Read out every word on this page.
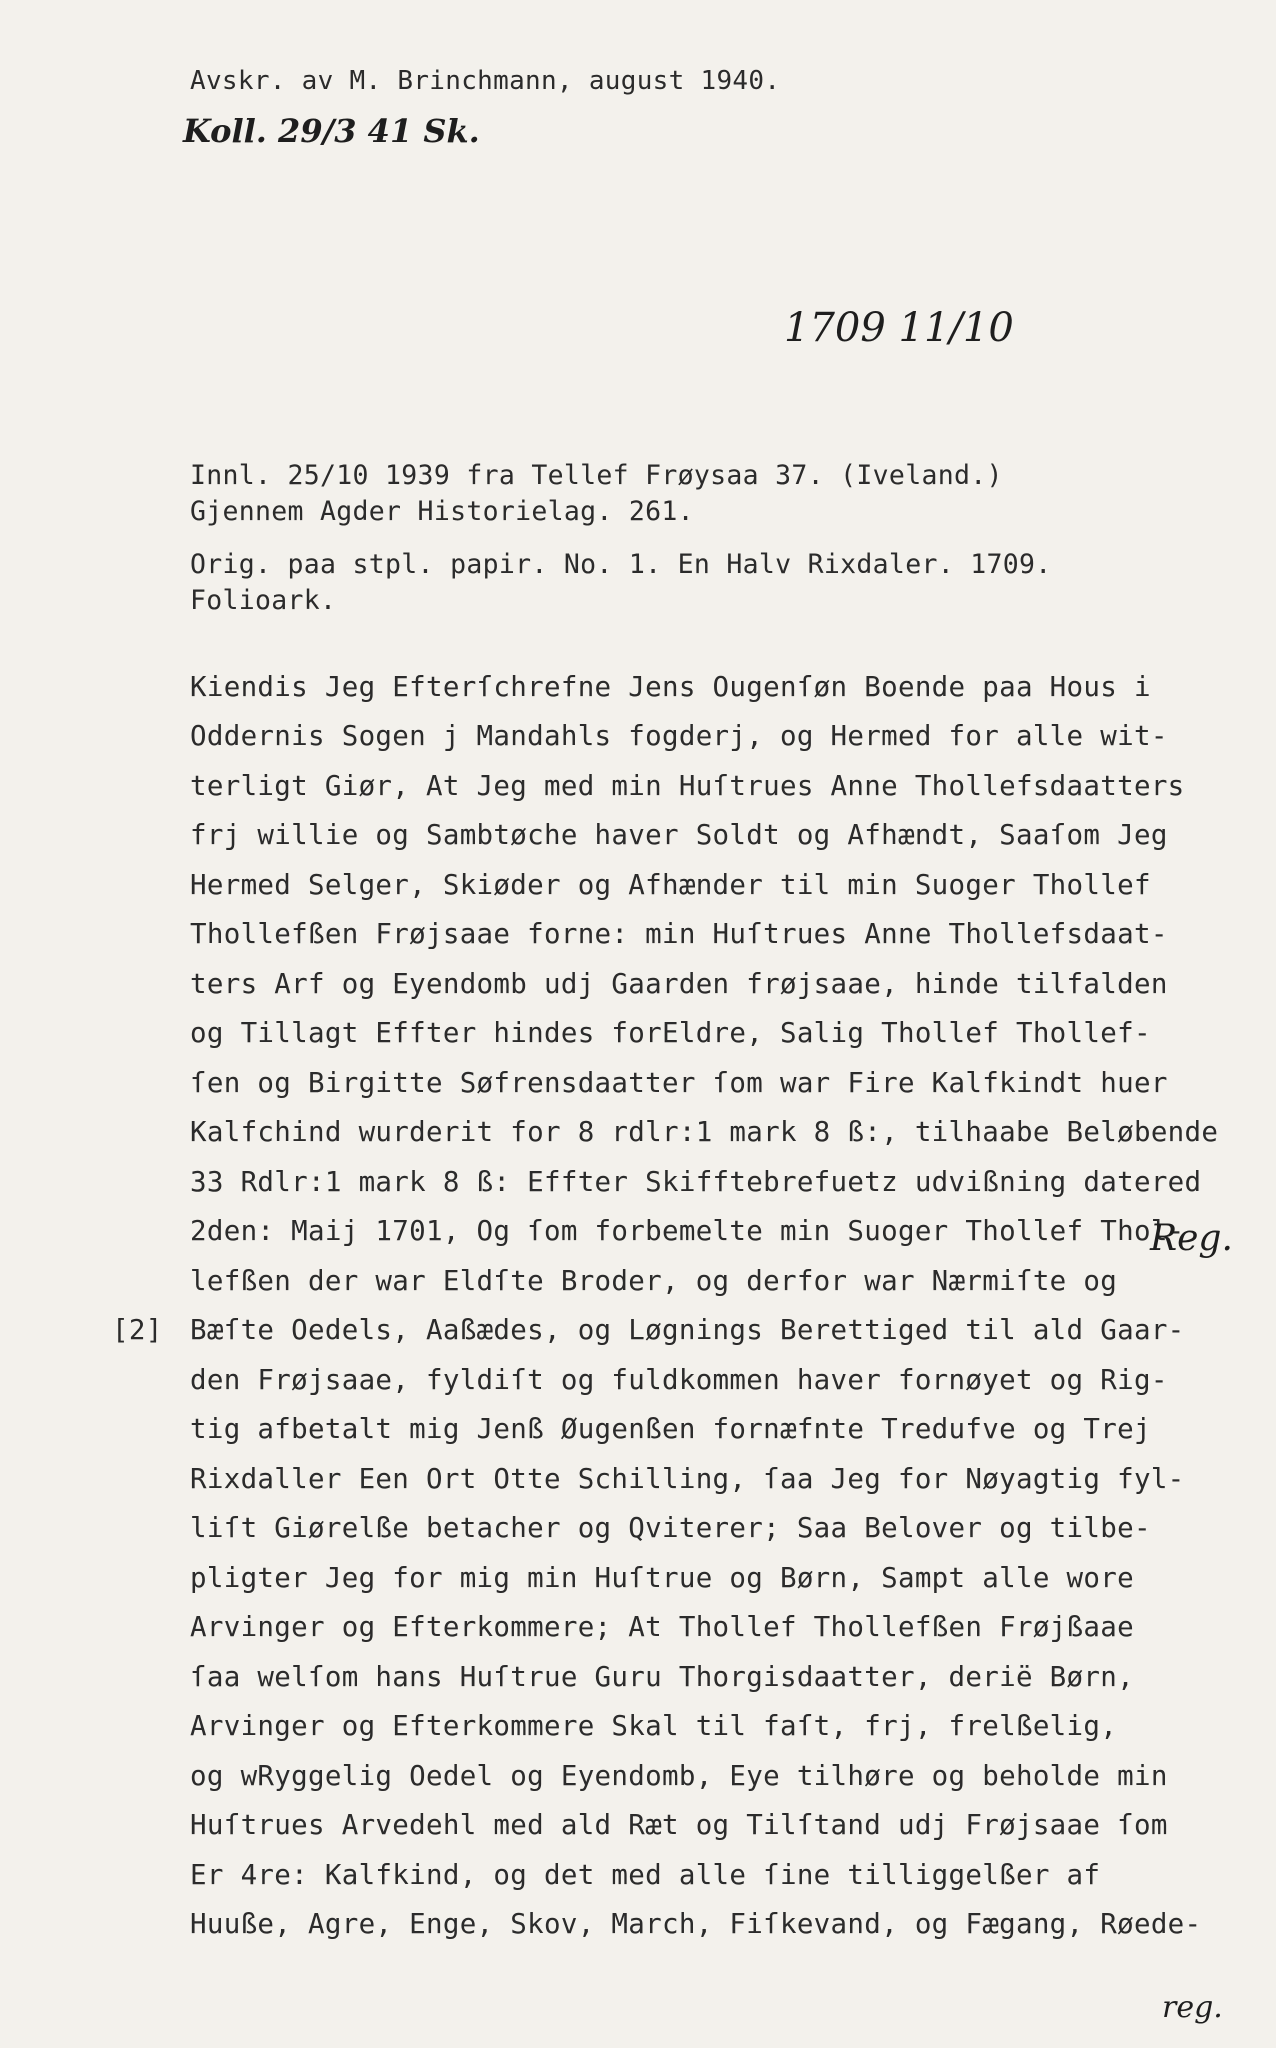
Avskr. av M. Brinchmann, august 1940.
Koll. 29/3 41 Sk.
1709 11/10
Innl. 25/10 1939 fra Tellef Frøysaa 37. (Iveland.)
Gjennem Agder Historielag. 261.
Orig. paa stpl. papir. No. 1. En Halv Rixdaler. 1709.
Folioark.
Kiendis Jeg Efterſchrefne Jens Ougenſøn Boende paa Hous i
Oddernis Sogen j Mandahls fogderj, og Hermed for alle wit-
terligt Giør, At Jeg med min Huſtrues Anne Thollefsdaatters
frj willie og Sambtøche haver Soldt og Afhændt, Saaſom Jeg
Hermed Selger, Skiøder og Afhænder til min Suoger Thollef
Thollefßen Frøjsaae forne: min Huſtrues Anne Thollefsdaat-
ters Arf og Eyendomb udj Gaarden frøjsaae, hinde tilfalden
og Tillagt Effter hindes forEldre, Salig Thollef Thollef-
ſen og Birgitte Søfrensdaatter ſom war Fire Kalfkindt huer
Kalfchind wurderit for 8 rdlr:1 mark 8 ß:, tilhaabe Beløbende
33 Rdlr:1 mark 8 ß: Effter Skifftebrefuetz udvißning datered
2den: Maij 1701, Og ſom forbemelte min Suoger Thollef Thol-
lefßen der war Eldſte Broder, og derfor war Nærmiſte og
Bæſte Oedels, Aaßædes, og Løgnings Berettiged til ald Gaar-
den Frøjsaae, fyldiſt og fuldkommen haver fornøyet og Rig-
tig afbetalt mig Jenß Øugenßen fornæfnte Tredufve og Trej
Rixdaller Een Ort Otte Schilling, ſaa Jeg for Nøyagtig fyl-
liſt Giørelße betacher og Qviterer; Saa Belover og tilbe-
pligter Jeg for mig min Huſtrue og Børn, Sampt alle wore
Arvinger og Efterkommere; At Thollef Thollefßen Frøjßaae
ſaa welſom hans Huſtrue Guru Thorgisdaatter, derië Børn,
Arvinger og Efterkommere Skal til faſt, frj, frelßelig,
og wRyggelig Oedel og Eyendomb, Eye tilhøre og beholde min
Huſtrues Arvedehl med ald Ræt og Tilſtand udj Frøjsaae ſom
Er 4re: Kalfkind, og det med alle ſine tilliggelßer af
Huuße, Agre, Enge, Skov, March, Fiſkevand, og Fægang, Røede-
[2]
Reg.
reg.
